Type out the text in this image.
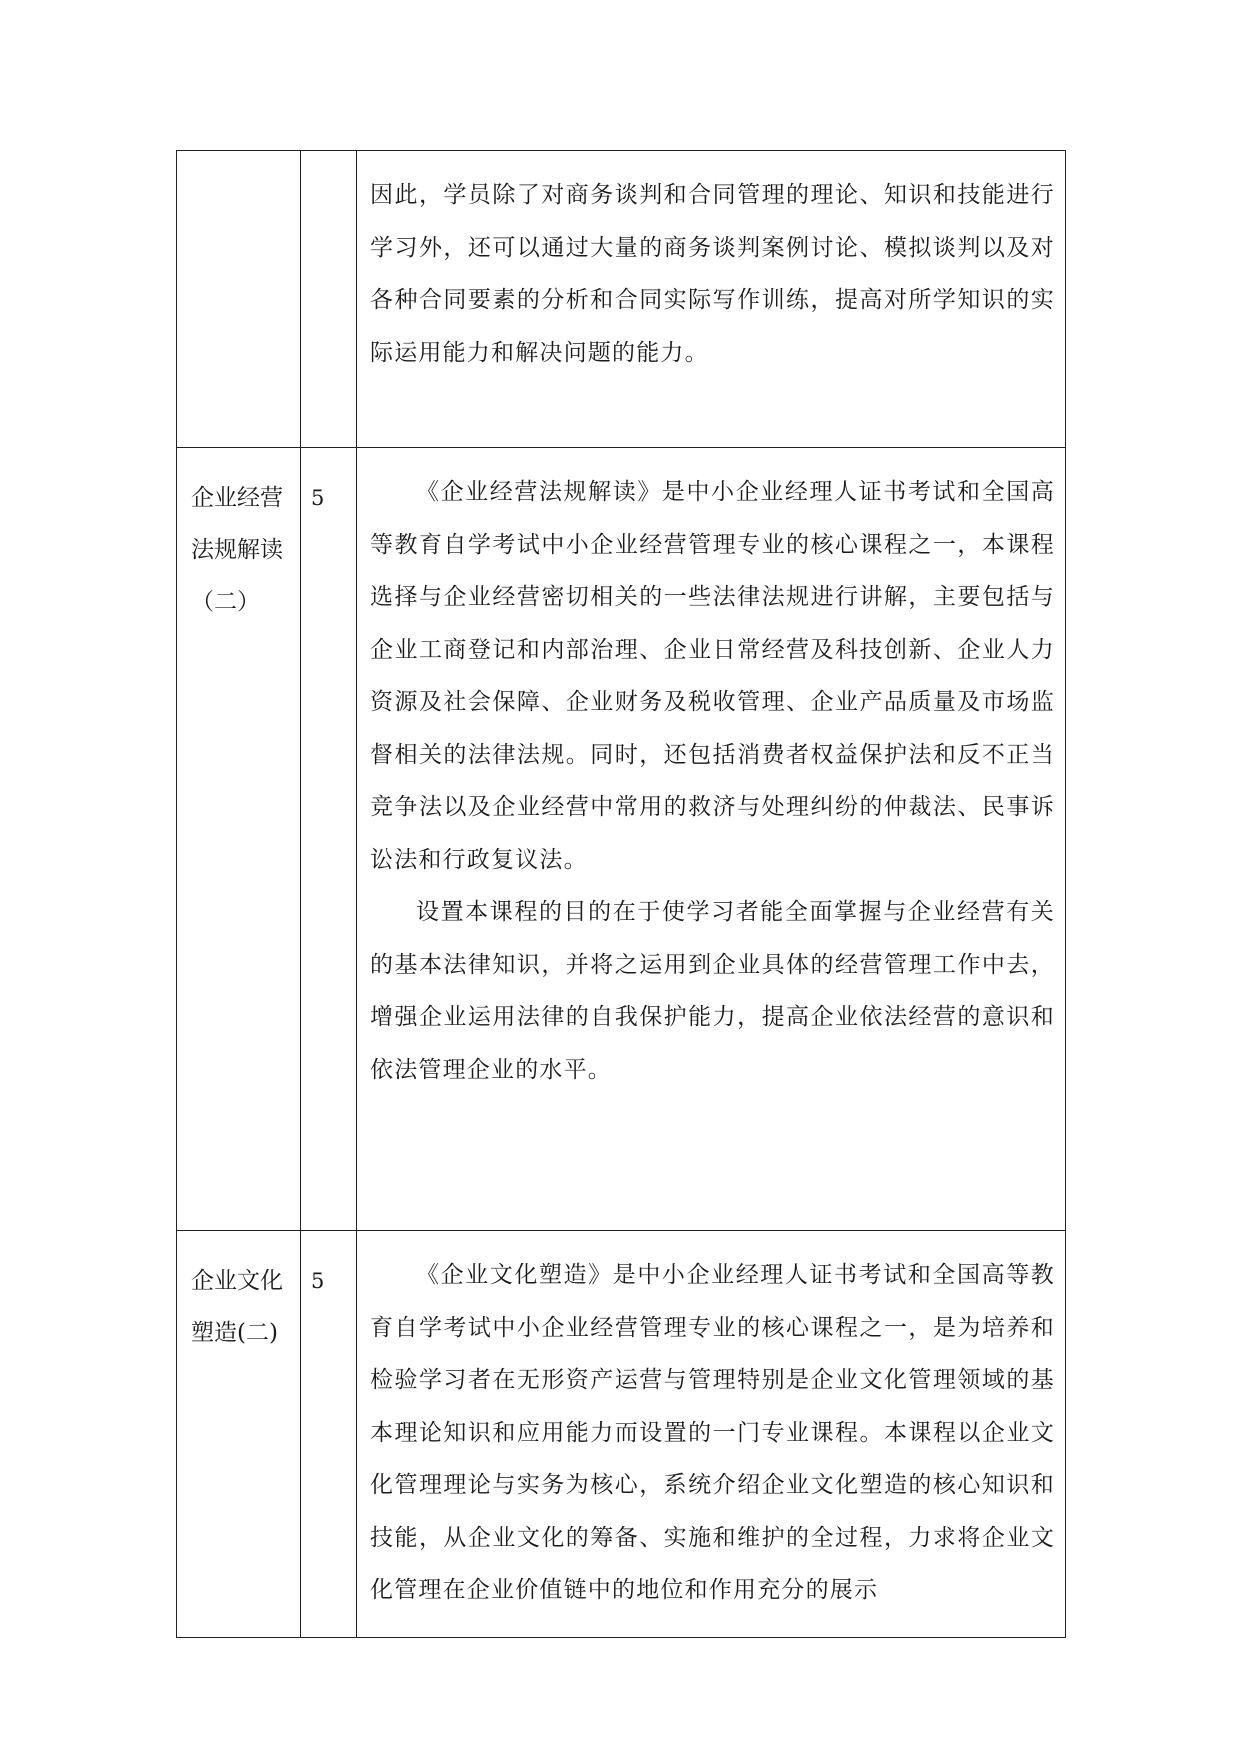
		因此，学员除了对商务谈判和合同管理的理论、知识和技能进行学习外，还可以通过大量的商务谈判案例讨论、模拟谈判以及对各种合同要素的分析和合同实际写作训练，提高对所学知识的实际运用能力和解决问题的能力。

企业经营法规解读（二）	5	《企业经营法规解读》是中小企业经理人证书考试和全国高等教育自学考试中小企业经营管理专业的核心课程之一，本课程选择与企业经营密切相关的一些法律法规进行讲解，主要包括与企业工商登记和内部治理、企业日常经营及科技创新、企业人力资源及社会保障、企业财务及税收管理、企业产品质量及市场监督相关的法律法规。同时，还包括消费者权益保护法和反不正当竞争法以及企业经营中常用的救济与处理纠纷的仲裁法、民事诉讼法和行政复议法。

设置本课程的目的在于使学习者能全面掌握与企业经营有关的基本法律知识，并将之运用到企业具体的经营管理工作中去，增强企业运用法律的自我保护能力，提高企业依法经营的意识和依法管理企业的水平。

企业文化塑造(二)	5	《企业文化塑造》是中小企业经理人证书考试和全国高等教育自学考试中小企业经营管理专业的核心课程之一，是为培养和检验学习者在无形资产运营与管理特别是企业文化管理领域的基本理论知识和应用能力而设置的一门专业课程。本课程以企业文化管理理论与实务为核心，系统介绍企业文化塑造的核心知识和技能，从企业文化的筹备、实施和维护的全过程，力求将企业文化管理在企业价值链中的地位和作用充分的展示
